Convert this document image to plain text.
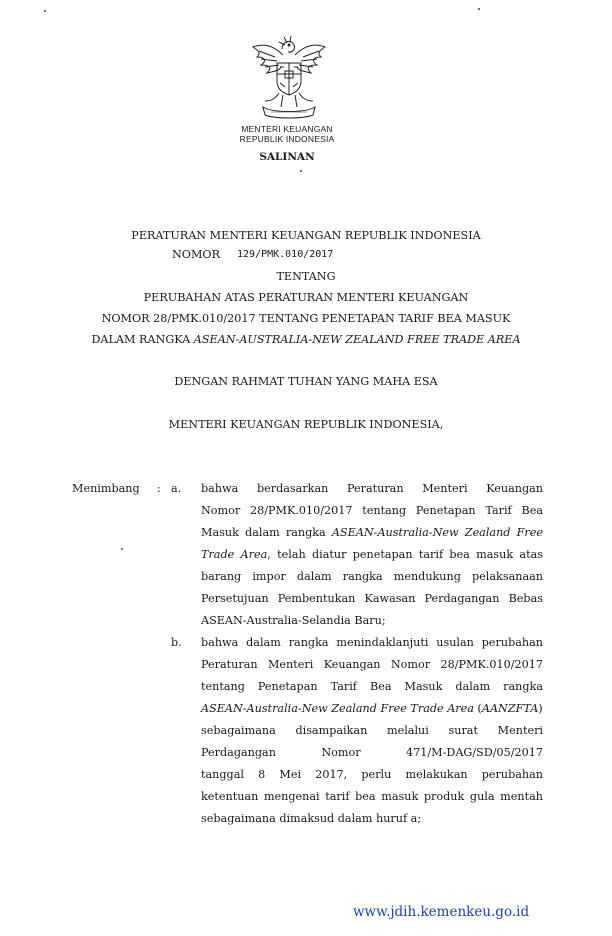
MENTERI KEUANGAN
REPUBLIK INDONESIA
SALINAN
PERATURAN MENTERI KEUANGAN REPUBLIK INDONESIA
NOMOR 129/PMK.010/2017
TENTANG
PERUBAHAN ATAS PERATURAN MENTERI KEUANGAN
NOMOR 28/PMK.010/2017 TENTANG PENETAPAN TARIF BEA MASUK
DALAM RANGKA ASEAN-AUSTRALIA-NEW ZEALAND FREE TRADE AREA
DENGAN RAHMAT TUHAN YANG MAHA ESA
MENTERI KEUANGAN REPUBLIK INDONESIA,
Menimbang : a. bahwa berdasarkan Peraturan Menteri Keuangan
Nomor 28/PMK.010/2017 tentang Penetapan Tarif Bea
Masuk dalam rangka ASEAN-Australia-New Zealand Free
Trade Area, telah diatur penetapan tarif bea masuk atas
barang impor dalam rangka mendukung pelaksanaan
Persetujuan Pembentukan Kawasan Perdagangan Bebas
ASEAN-Australia-Selandia Baru;
b. bahwa dalam rangka menindaklanjuti usulan perubahan
Peraturan Menteri Keuangan Nomor 28/PMK.010/2017
tentang Penetapan Tarif Bea Masuk dalam rangka
ASEAN-Australia-New Zealand Free Trade Area (AANZFTA)
sebagaimana disampaikan melalui surat Menteri
Perdagangan Nomor 471/M-DAG/SD/05/2017
tanggal 8 Mei 2017, perlu melakukan perubahan
ketentuan mengenai tarif bea masuk produk gula mentah
sebagaimana dimaksud dalam huruf a;
www.jdih.kemenkeu.go.id
